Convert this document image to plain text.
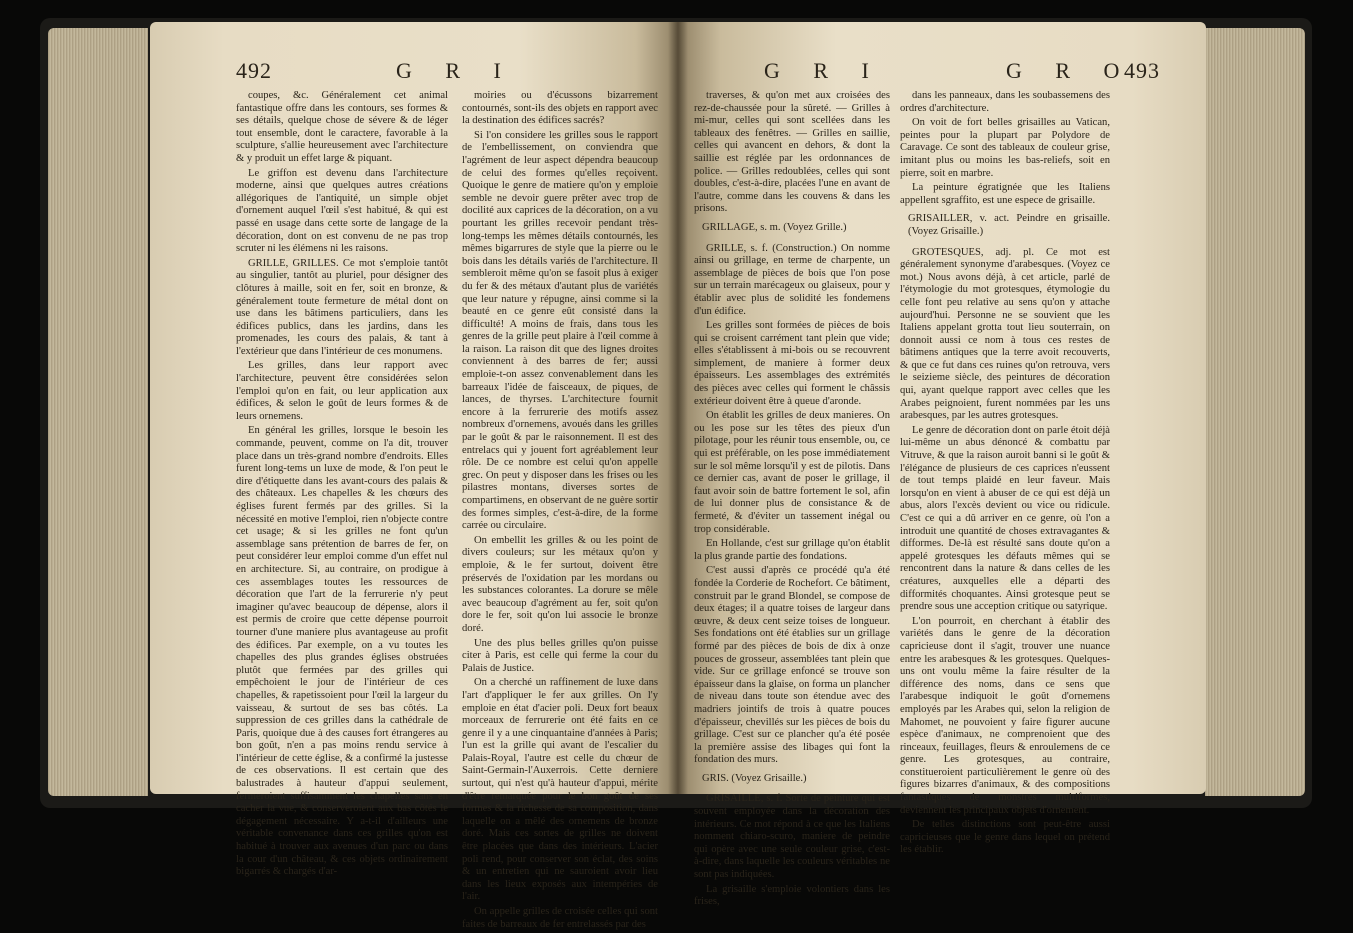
492	G R I

coupes, &c. Généralement cet animal fantastique offre dans les contours, ses formes & ses détails, quelque chose de sévere & de léger tout ensemble, dont le caractere, favorable à la sculpture, s'allie heureusement avec l'architecture & y produit un effet large & piquant.

Le griffon est devenu dans l'architecture moderne, ainsi que quelques autres créations allégoriques de l'antiquité, un simple objet d'ornement auquel l'œil s'est habitué, & qui est passé en usage dans cette sorte de langage de la décoration, dont on est convenu de ne pas trop scruter ni les élémens ni les raisons.

GRILLE, GRILLES. Ce mot s'emploie tantôt au singulier, tantôt au pluriel, pour désigner des clôtures à maille, soit en fer, soit en bronze, & généralement toute fermeture de métal dont on use dans les bâtimens particuliers, dans les édifices publics, dans les jardins, dans les promenades, les cours des palais, & tant à l'extérieur que dans l'intérieur de ces monumens.

Les grilles, dans leur rapport avec l'architecture, peuvent être considérées selon l'emploi qu'on en fait, ou leur application aux édifices, & selon le goût de leurs formes & de leurs ornemens.

En général les grilles, lorsque le besoin les commande, peuvent, comme on l'a dit, trouver place dans un très-grand nombre d'endroits. Elles furent long-tems un luxe de mode, & l'on peut le dire d'étiquette dans les avant-cours des palais & des châteaux. Les chapelles & les chœurs des églises furent fermés par des grilles. Si la nécessité en motive l'emploi, rien n'objecte contre cet usage; & si les grilles ne font qu'un assemblage sans prétention de barres de fer, on peut considérer leur emploi comme d'un effet nul en architecture. Si, au contraire, on prodigue à ces assemblages toutes les ressources de décoration que l'art de la ferrurerie n'y peut imaginer qu'avec beaucoup de dépense, alors il est permis de croire que cette dépense pourroit tourner d'une maniere plus avantageuse au profit des édifices. Par exemple, on a vu toutes les chapelles des plus grandes églises obstruées plutôt que fermées par des grilles qui empêchoient le jour de l'intérieur de ces chapelles, & rapetissoient pour l'œil la largeur du vaisseau, & surtout de ses bas côtés. La suppression de ces grilles dans la cathédrale de Paris, quoique due à des causes fort étrangeres au bon goût, n'en a pas moins rendu service à l'intérieur de cette église, & a confirmé la justesse de ces observations. Il est certain que des balustrades à hauteur d'appui seulement, fermeroient suffisamment les chapelles sans en cacher la vue, & conserveroient aux bas côtés le dégagement nécessaire. Y a-t-il d'ailleurs une véritable convenance dans ces grilles qu'on est habitué à trouver aux avenues d'un parc ou dans la cour d'un château, & ces objets ordinairement bigarrés & chargés d'ar-

moiries ou d'écussons bizarrement contournés, sont-ils des objets en rapport avec la destination des édifices sacrés?

Si l'on considere les grilles sous le rapport de l'embellissement, on conviendra que l'agrément de leur aspect dépendra beaucoup de celui des formes qu'elles reçoivent. Quoique le genre de matiere qu'on y emploie semble ne devoir guere prêter avec trop de docilité aux caprices de la décoration, on a vu pourtant les grilles recevoir pendant très-long-temps les mêmes détails contournés, les mêmes bigarrures de style que la pierre ou le bois dans les détails variés de l'architecture. Il sembleroit même qu'on se fasoit plus à exiger du fer & des métaux d'autant plus de variétés que leur nature y répugne, ainsi comme si la beauté en ce genre eût consisté dans la difficulté! A moins de frais, dans tous les genres de la grille peut plaire à l'œil comme à la raison. La raison dit que des lignes droites conviennent à des barres de fer; aussi emploie-t-on assez convenablement dans les barreaux l'idée de faisceaux, de piques, de lances, de thyrses. L'architecture fournit encore à la ferrurerie des motifs assez nombreux d'ornemens, avoués dans les grilles par le goût & par le raisonnement. Il est des entrelacs qui y jouent fort agréablement leur rôle. De ce nombre est celui qu'on appelle grec. On peut y disposer dans les frises ou les pilastres montans, diverses sortes de compartimens, en observant de ne guère sortir des formes simples, c'est-à-dire, de la forme carrée ou circulaire.

On embellit les grilles & ou les point de divers couleurs; sur les métaux qu'on y emploie, & le fer surtout, doivent être préservés de l'oxidation par les mordans ou les substances colorantes. La dorure se mêle avec beaucoup d'agrément au fer, soit qu'on dore le fer, soit qu'on lui associe le bronze doré.

Une des plus belles grilles qu'on puisse citer à Paris, est celle qui ferme la cour du Palais de Justice.

On a cherché un raffinement de luxe dans l'art d'appliquer le fer aux grilles. On l'y emploie en état d'acier poli. Deux fort beaux morceaux de ferrurerie ont été faits en ce genre il y a une cinquantaine d'années à Paris; l'un est la grille qui avant de l'escalier du Palais-Royal, l'autre est celle du chœur de Saint-Germain-l'Auxerrois. Cette derniere surtout, qui n'est qu'à hauteur d'appui, mérite d'être remarquée pour le bon goût de ses formes & la richesse de sa composition, dans laquelle on a mêlé des ornemens de bronze doré. Mais ces sortes de grilles ne doivent être placées que dans des intérieurs. L'acier poli rend, pour conserver son éclat, des soins & un entretien qui ne sauroient avoir lieu dans les lieux exposés aux intempéries de l'air.

On appelle grilles de croisée celles qui sont faites de barreaux de fer entrelassés par des

G R I	G R O
493

traverses, & qu'on met aux croisées des rez-de-chaussée pour la sûreté. — Grilles à mi-mur, celles qui sont scellées dans les tableaux des fenêtres. — Grilles en saillie, celles qui avancent en dehors, & dont la saillie est réglée par les ordonnances de police. — Grilles redoublées, celles qui sont doubles, c'est-à-dire, placées l'une en avant de l'autre, comme dans les couvens & dans les prisons.

GRILLAGE, s. m. (Voyez Grille.)

GRILLE, s. f. (Construction.) On nomme ainsi ou grillage, en terme de charpente, un assemblage de pièces de bois que l'on pose sur un terrain marécageux ou glaiseux, pour y établir avec plus de solidité les fondemens d'un édifice.

Les grilles sont formées de pièces de bois qui se croisent carrément tant plein que vide; elles s'établissent à mi-bois ou se recouvrent simplement, de maniere à former deux épaisseurs. Les assemblages des extrémités des pièces avec celles qui forment le châssis extérieur doivent être à queue d'aronde.

On établit les grilles de deux manieres. On ou les pose sur les têtes des pieux d'un pilotage, pour les réunir tous ensemble, ou, ce qui est préférable, on les pose immédiatement sur le sol même lorsqu'il y est de pilotis. Dans ce dernier cas, avant de poser le grillage, il faut avoir soin de battre fortement le sol, afin de lui donner plus de consistance & de fermeté, & d'éviter un tassement inégal ou trop considérable.

En Hollande, c'est sur grillage qu'on établit la plus grande partie des fondations.

C'est aussi d'après ce procédé qu'a été fondée la Corderie de Rochefort. Ce bâtiment, construit par le grand Blondel, se compose de deux étages; il a quatre toises de largeur dans œuvre, & deux cent seize toises de longueur. Ses fondations ont été établies sur un grillage formé par des pièces de bois de dix à onze pouces de grosseur, assemblées tant plein que vide. Sur ce grillage enfoncé se trouve son épaisseur dans la glaise, on forma un plancher de niveau dans toute son étendue avec des madriers jointifs de trois à quatre pouces d'épaisseur, chevillés sur les pièces de bois du grillage. C'est sur ce plancher qu'a été posée la première assise des libages qui font la fondation des murs.

GRIS. (Voyez Grisaille.)

GRISAILLE, s. f. Sorte de peinture qui est souvent employée dans la décoration des intérieurs. Ce mot répond à ce que les Italiens nomment chiaro-scuro, maniere de peindre qui opère avec une seule couleur grise, c'est-à-dire, dans laquelle les couleurs véritables ne sont pas indiquées.

La grisaille s'emploie volontiers dans les frises,

dans les panneaux, dans les soubassemens des ordres d'architecture.

On voit de fort belles grisailles au Vatican, peintes pour la plupart par Polydore de Caravage. Ce sont des tableaux de couleur grise, imitant plus ou moins les bas-reliefs, soit en pierre, soit en marbre.

La peinture égratignée que les Italiens appellent sgraffito, est une espece de grisaille.

GRISAILLER, v. act. Peindre en grisaille. (Voyez Grisaille.)

GROTESQUES, adj. pl. Ce mot est généralement synonyme d'arabesques. (Voyez ce mot.) Nous avons déjà, à cet article, parlé de l'étymologie du mot grotesques, étymologie du celle font peu relative au sens qu'on y attache aujourd'hui. Personne ne se souvient que les Italiens appelant grotta tout lieu souterrain, on donnoit aussi ce nom à tous ces restes de bâtimens antiques que la terre avoit recouverts, & que ce fut dans ces ruines qu'on retrouva, vers le seizieme siècle, des peintures de décoration qui, ayant quelque rapport avec celles que les Arabes peignoient, furent nommées par les uns arabesques, par les autres grotesques.

Le genre de décoration dont on parle étoit déjà lui-même un abus dénoncé & combattu par Vitruve, & que la raison auroit banni si le goût & l'élégance de plusieurs de ces caprices n'eussent de tout temps plaidé en leur faveur. Mais lorsqu'on en vient à abuser de ce qui est déjà un abus, alors l'excès devient ou vice ou ridicule. C'est ce qui a dû arriver en ce genre, où l'on a introduit une quantité de choses extravagantes & difformes. De-là est résulté sans doute qu'on a appelé grotesques les défauts mêmes qui se rencontrent dans la nature & dans celles de les créatures, auxquelles elle a départi des difformités choquantes. Ainsi grotesque peut se prendre sous une acception critique ou satyrique.

L'on pourroit, en cherchant à établir des variétés dans le genre de la décoration capricieuse dont il s'agit, trouver une nuance entre les arabesques & les grotesques. Quelques-uns ont voulu même la faire résulter de la différence des noms, dans ce sens que l'arabesque indiquoit le goût d'ornemens employés par les Arabes qui, selon la religion de Mahomet, ne pouvoient y faire figurer aucune espèce d'animaux, ne comprenoient que des rinceaux, feuillages, fleurs & enroulemens de ce genre. Les grotesques, au contraire, constitueroient particulièrement le genre où des figures bizarres d'animaux, & des compositions fantastiques de monstres multiformes, deviennent les principaux objets d'ornement.

De telles distinctions sont peut-être aussi capricieuses que le genre dans lequel on prétend les établir.
